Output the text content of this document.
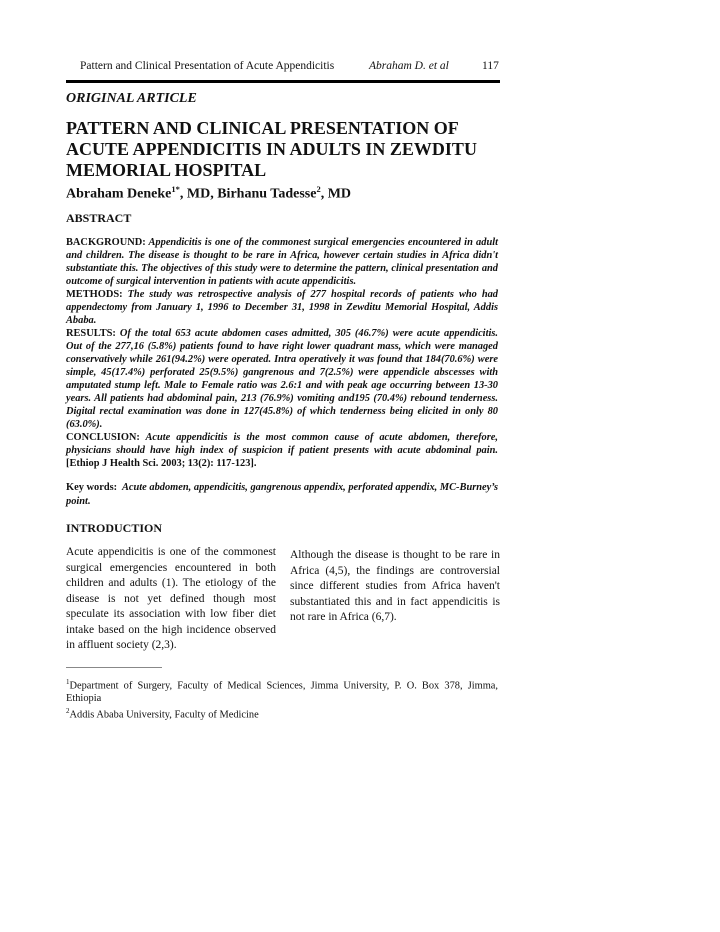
Pattern and Clinical Presentation of Acute Appendicitis	Abraham D. et al	117
ORIGINAL ARTICLE
PATTERN AND CLINICAL PRESENTATION OF ACUTE APPENDICITIS IN ADULTS IN ZEWDITU MEMORIAL HOSPITAL
Abraham Deneke$^{1*}$, MD, Birhanu Tadesse$^2$, MD
ABSTRACT

BACKGROUND: Appendicitis is one of the commonest surgical emergencies encountered in adult and children. The disease is thought to be rare in Africa, however certain studies in Africa didn't substantiate this. The objectives of this study were to determine the pattern, clinical presentation and outcome of surgical intervention in patients with acute appendicitis.

METHODS: The study was retrospective analysis of 277 hospital records of patients who had appendectomy from January 1, 1996 to December 31, 1998 in Zewditu Memorial Hospital, Addis Ababa.

RESULTS: Of the total 653 acute abdomen cases admitted, 305 (46.7%) were acute appendicitis. Out of the 277,16 (5.8%) patients found to have right lower quadrant mass, which were managed conservatively while 261(94.2%) were operated. Intra operatively it was found that 184(70.6%) were simple, 45(17.4%) perforated 25(9.5%) gangrenous and 7(2.5%) were appendicle abscesses with amputated stump left. Male to Female ratio was 2.6:1 and with peak age occurring between 13-30 years. All patients had abdominal pain, 213 (76.9%) vomiting and195 (70.4%) rebound tenderness. Digital rectal examination was done in 127(45.8%) of which tenderness being elicited in only 80 (63.0%).

CONCLUSION: Acute appendicitis is the most common cause of acute abdomen, therefore, physicians should have high index of suspicion if patient presents with acute abdominal pain. [Ethiop J Health Sci. 2003; 13(2): 117-123].

Key words: Acute abdomen, appendicitis, gangrenous appendix, perforated appendix, MC-Burney’s point.
INTRODUCTION
Acute appendicitis is one of the commonest surgical emergencies encountered in both children and adults (1). The etiology of the disease is not yet defined though most speculate its association with low fiber diet intake based on the high incidence observed in affluent society (2,3).
Although the disease is thought to be rare in Africa (4,5), the findings are controversial since different studies from Africa haven't substantiated this and in fact appendicitis is not rare in Africa (6,7).

$^1$Department of Surgery, Faculty of Medical Sciences, Jimma University, P. O. Box 378, Jimma, Ethiopia

$^2$Addis Ababa University, Faculty of Medicine
